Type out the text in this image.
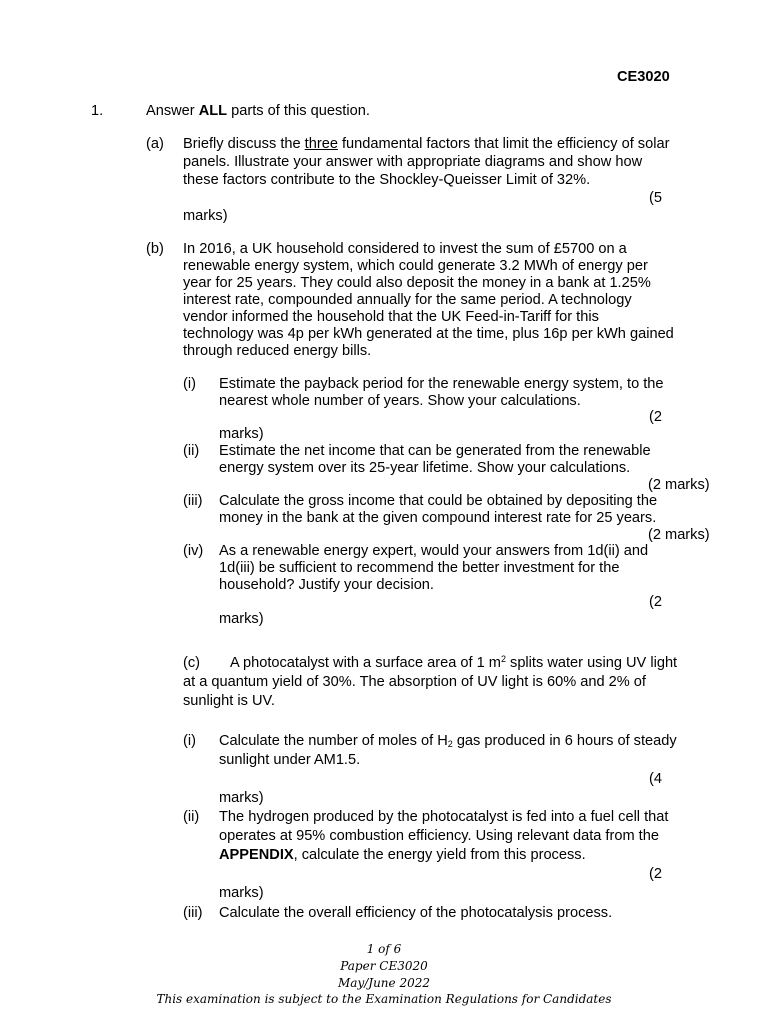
CE3020
1.	Answer ALL parts of this question.
(a) Briefly discuss the three fundamental factors that limit the efficiency of solar
panels. Illustrate your answer with appropriate diagrams and show how
these factors contribute to the Shockley-Queisser Limit of 32%.
(5
marks)
(b) In 2016, a UK household considered to invest the sum of £5700 on a
renewable energy system, which could generate 3.2 MWh of energy per
year for 25 years. They could also deposit the money in a bank at 1.25%
interest rate, compounded annually for the same period. A technology
vendor informed the household that the UK Feed-in-Tariff for this
technology was 4p per kWh generated at the time, plus 16p per kWh gained
through reduced energy bills.
(i) Estimate the payback period for the renewable energy system, to the
nearest whole number of years. Show your calculations.
(2
marks)
(ii) Estimate the net income that can be generated from the renewable
energy system over its 25-year lifetime. Show your calculations.
(2 marks)
(iii) Calculate the gross income that could be obtained by depositing the
money in the bank at the given compound interest rate for 25 years.
(2 marks)
(iv) As a renewable energy expert, would your answers from 1d(ii) and
1d(iii) be sufficient to recommend the better investment for the
household? Justify your decision.
(2
marks)
(c) A photocatalyst with a surface area of 1 $m^2$ splits water using UV light
at a quantum yield of 30%. The absorption of UV light is 60% and 2% of
sunlight is UV.
(i) Calculate the number of moles of $H_2$ gas produced in 6 hours of steady
sunlight under AM1.5.
(4
marks)
(ii) The hydrogen produced by the photocatalyst is fed into a fuel cell that
operates at 95% combustion efficiency. Using relevant data from the
APPENDIX, calculate the energy yield from this process.
(2
marks)
(iii) Calculate the overall efficiency of the photocatalysis process.
1 of 6
Paper CE3020
May/June 2022
This examination is subject to the Examination Regulations for Candidates
